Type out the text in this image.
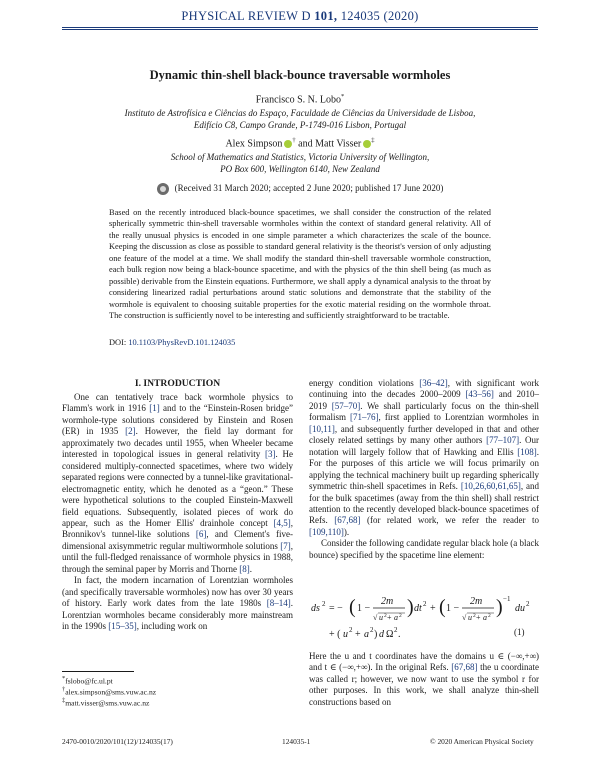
PHYSICAL REVIEW D 101, 124035 (2020)
Dynamic thin-shell black-bounce traversable wormholes
Francisco S. N. Lobo*
Instituto de Astrofísica e Ciências do Espaço, Faculdade de Ciências da Universidade de Lisboa,
Edifício C8, Campo Grande, P-1749-016 Lisbon, Portugal
Alex Simpson † and Matt Visser ‡
School of Mathematics and Statistics, Victoria University of Wellington,
PO Box 600, Wellington 6140, New Zealand
(Received 31 March 2020; accepted 2 June 2020; published 17 June 2020)
Based on the recently introduced black-bounce spacetimes, we shall consider the construction of the related spherically symmetric thin-shell traversable wormholes within the context of standard general relativity. All of the really unusual physics is encoded in one simple parameter a which characterizes the scale of the bounce. Keeping the discussion as close as possible to standard general relativity is the theorist's version of only adjusting one feature of the model at a time. We shall modify the standard thin-shell traversable wormhole construction, each bulk region now being a black-bounce spacetime, and with the physics of the thin shell being (as much as possible) derivable from the Einstein equations. Furthermore, we shall apply a dynamical analysis to the throat by considering linearized radial perturbations around static solutions and demonstrate that the stability of the wormhole is equivalent to choosing suitable properties for the exotic material residing on the wormhole throat. The construction is sufficiently novel to be interesting and sufficiently straightforward to be tractable.
DOI: 10.1103/PhysRevD.101.124035
I. INTRODUCTION

One can tentatively trace back wormhole physics to Flamm's work in 1916 [1] and to the “Einstein-Rosen bridge” wormhole-type solutions considered by Einstein and Rosen (ER) in 1935 [2]. However, the field lay dormant for approximately two decades until 1955, when Wheeler became interested in topological issues in general relativity [3]. He considered multiply-connected spacetimes, where two widely separated regions were connected by a tunnel-like gravitational-electromagnetic entity, which he denoted as a “geon.” These were hypothetical solutions to the coupled Einstein-Maxwell field equations. Subsequently, isolated pieces of work do appear, such as the Homer Ellis' drainhole concept [4,5], Bronnikov's tunnel-like solutions [6], and Clement's five-dimensional axisymmetric regular multiwormhole solutions [7], until the full-fledged renaissance of wormhole physics in 1988, through the seminal paper by Morris and Thorne [8].

In fact, the modern incarnation of Lorentzian wormholes (and specifically traversable wormholes) now has over 30 years of history. Early work dates from the late 1980s [8–14]. Lorentzian wormholes became considerably more mainstream in the 1990s [15–35], including work on

*fslobo@fc.ul.pt
†alex.simpson@sms.vuw.ac.nz
‡matt.visser@sms.vuw.ac.nz

energy condition violations [36–42], with significant work continuing into the decades 2000–2009 [43–56] and 2010–2019 [57–70]. We shall particularly focus on the thin-shell formalism [71–76], first applied to Lorentzian wormholes in [10,11], and subsequently further developed in that and other closely related settings by many other authors [77–107]. Our notation will largely follow that of Hawking and Ellis [108]. For the purposes of this article we will focus primarily on applying the technical machinery built up regarding spherically symmetric thin-shell spacetimes in Refs. [10,26,60,61,65], and for the bulk spacetimes (away from the thin shell) shall restrict attention to the recently developed black-bounce spacetimes of Refs. [67,68] (for related work, we refer the reader to [109,110]).

Consider the following candidate regular black hole (a black bounce) specified by the spacetime line element:

ds 2 = − ( 1 −
2m
√ u 2 + a 2 ) dt 2 + ( 1 −
2m
√ u 2 + a 2 ) −1
du 2
+ ( u 2 + a 2 ) d Ω 2 .	(1)

Here the u and t coordinates have the domains u ∈ (−∞,+∞) and t ∈ (−∞,+∞). In the original Refs. [67,68] the u coordinate was called r; however, we now want to use the symbol r for other purposes. In this work, we shall analyze thin-shell constructions based on

2470-0010/2020/101(12)/124035(17)	124035-1	© 2020 American Physical Society
